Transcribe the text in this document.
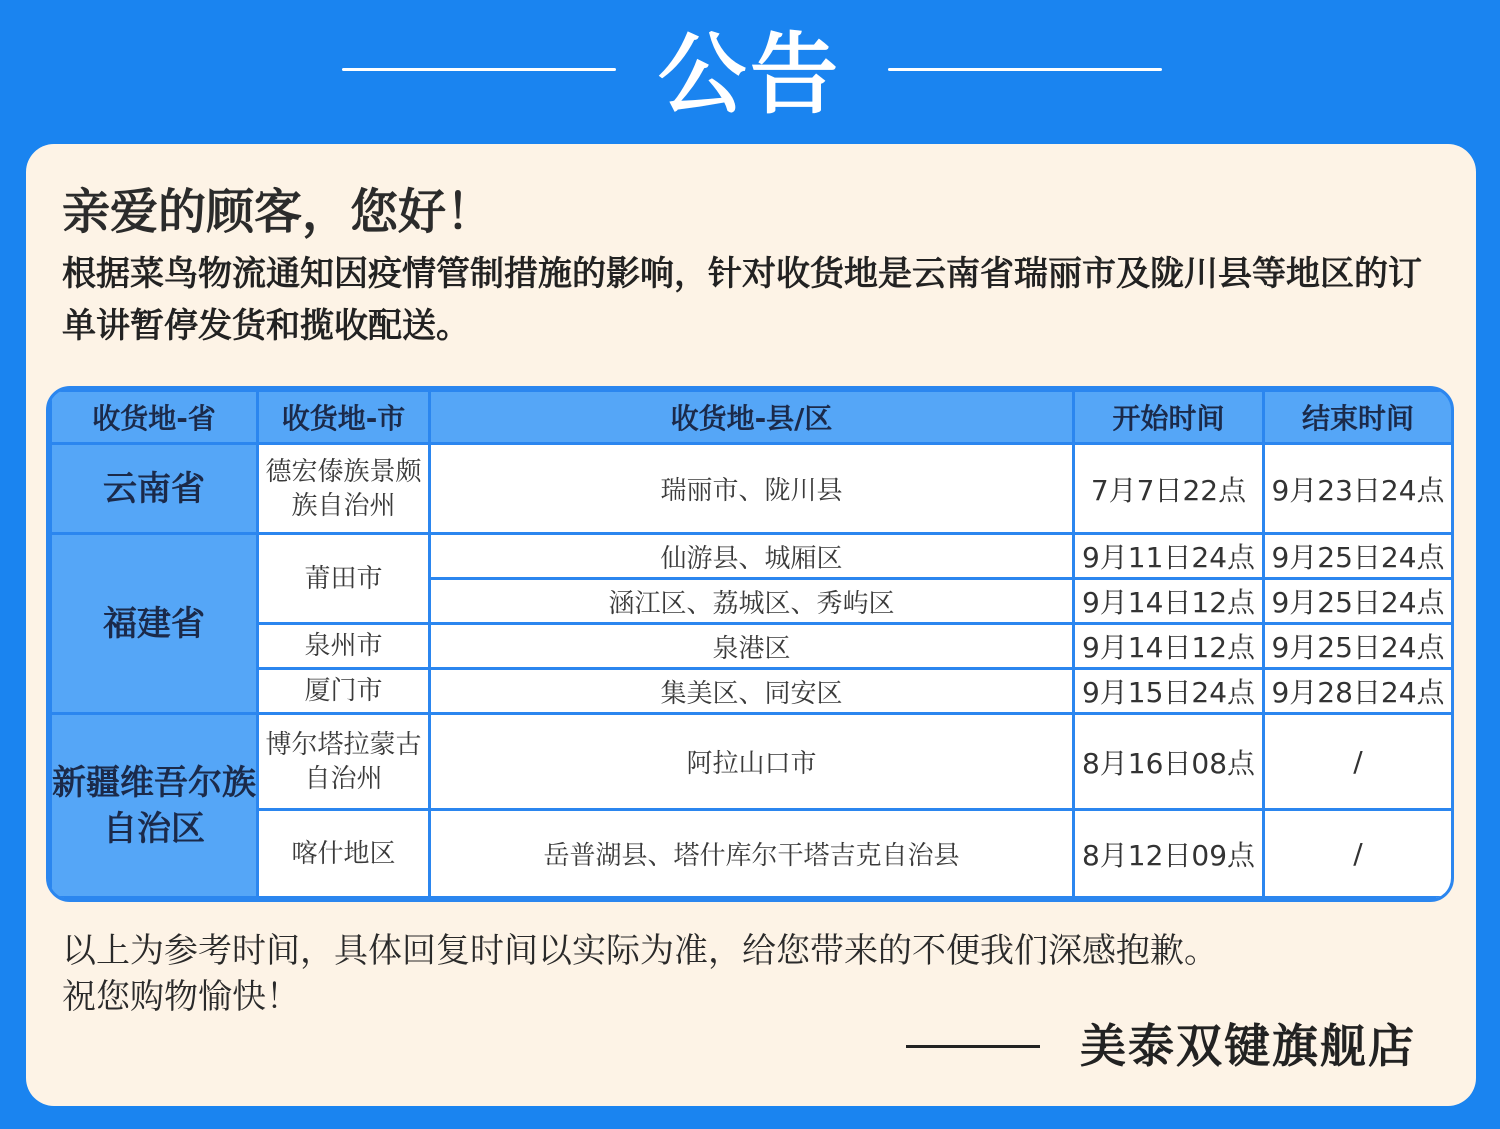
公告
亲爱的顾客，您好！
根据菜鸟物流通知因疫情管制措施的影响，针对收货地是云南省瑞丽市及陇川县等地区的订单讲暂停发货和揽收配送。
收货地-省	收货地-市	收货地-县/区	开始时间	结束时间
云南省	德宏傣族景颇族自治州	瑞丽市、陇川县	7月7日22点	9月23日24点
福建省	莆田市	仙游县、城厢区	9月11日24点	9月25日24点
		涵江区、荔城区、秀屿区	9月14日12点	9月25日24点
	泉州市	泉港区	9月14日12点	9月25日24点
	厦门市	集美区、同安区	9月15日24点	9月28日24点
新疆维吾尔族自治区	博尔塔拉蒙古自治州	阿拉山口市	8月16日08点	/
	喀什地区	岳普湖县、塔什库尔干塔吉克自治县	8月12日09点	/
以上为参考时间，具体回复时间以实际为准，给您带来的不便我们深感抱歉。
祝您购物愉快！
美泰双键旗舰店
